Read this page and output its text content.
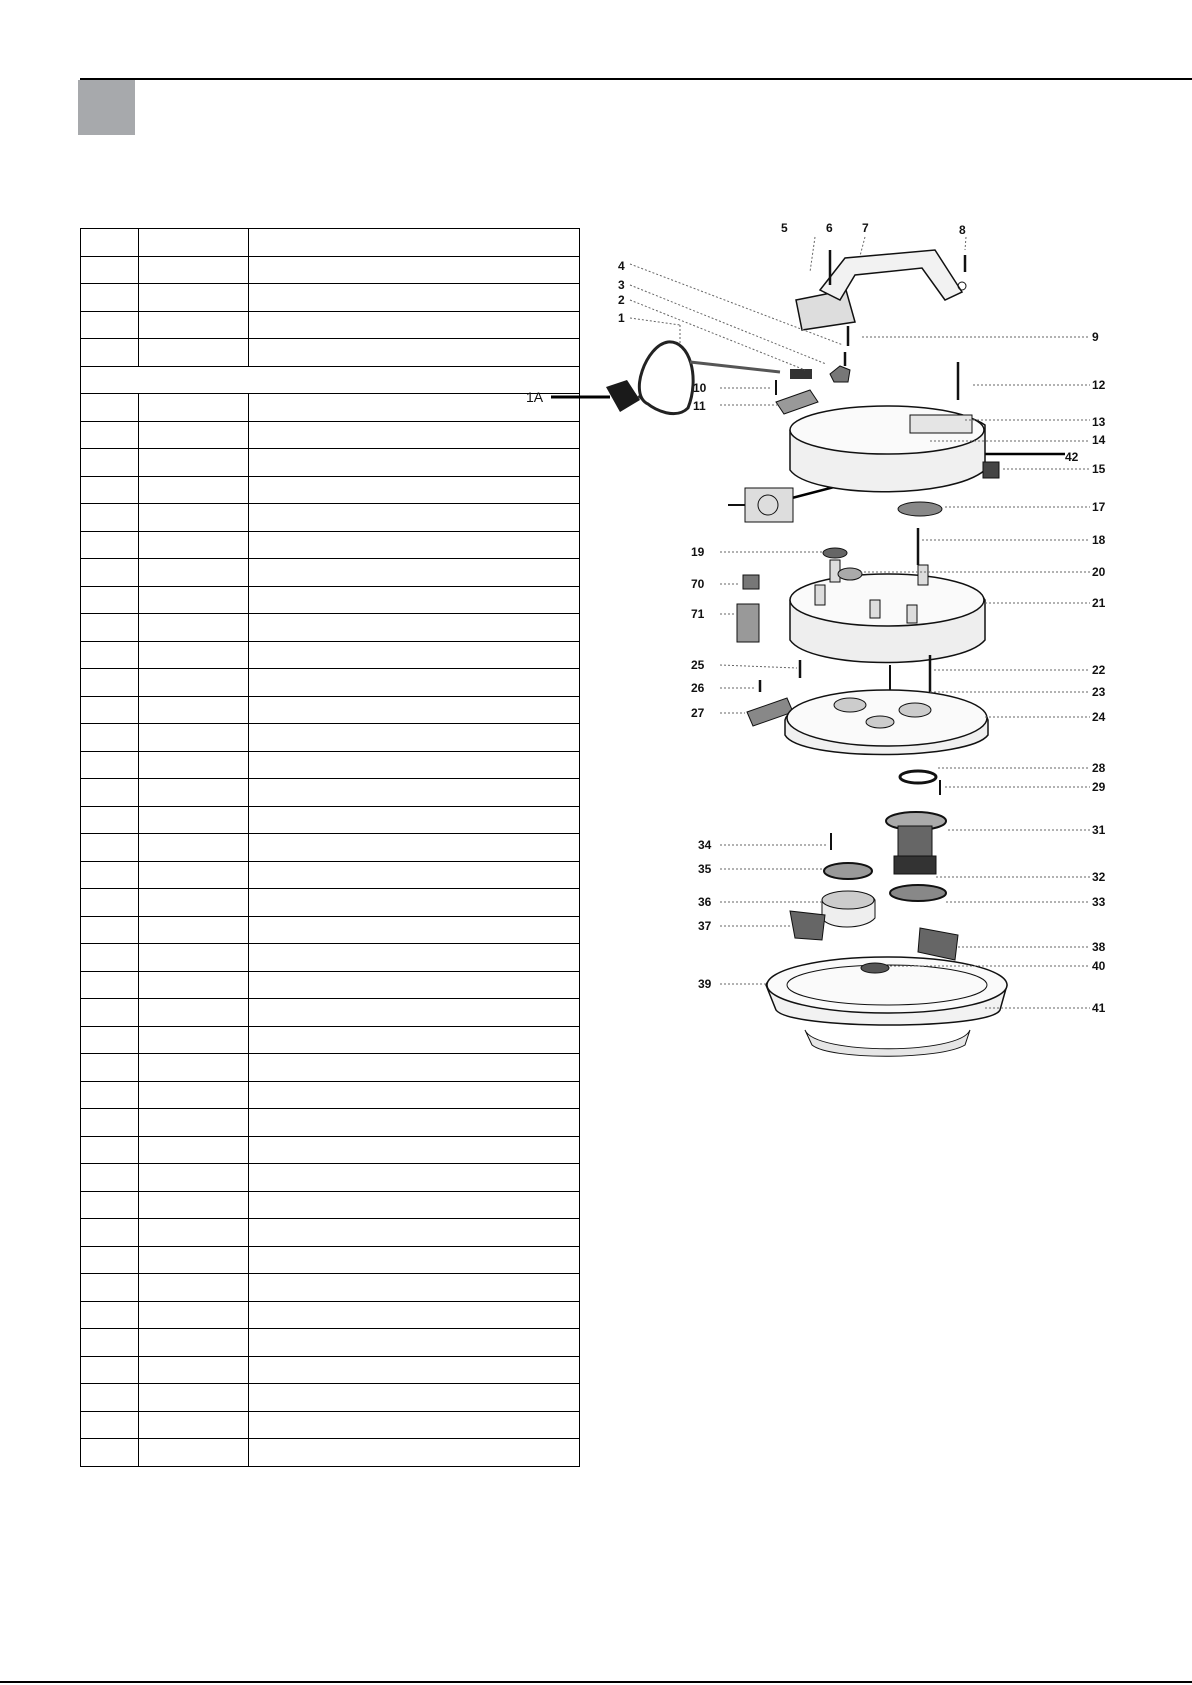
1A
5	6 7	8
4
3
2
1
9
12
10
11
13
14
42
15
17
18
19
20
70
21
71
25	22
26	23
27	24
28
29
31
34
35
32
36	33
37
38
40
39
41
